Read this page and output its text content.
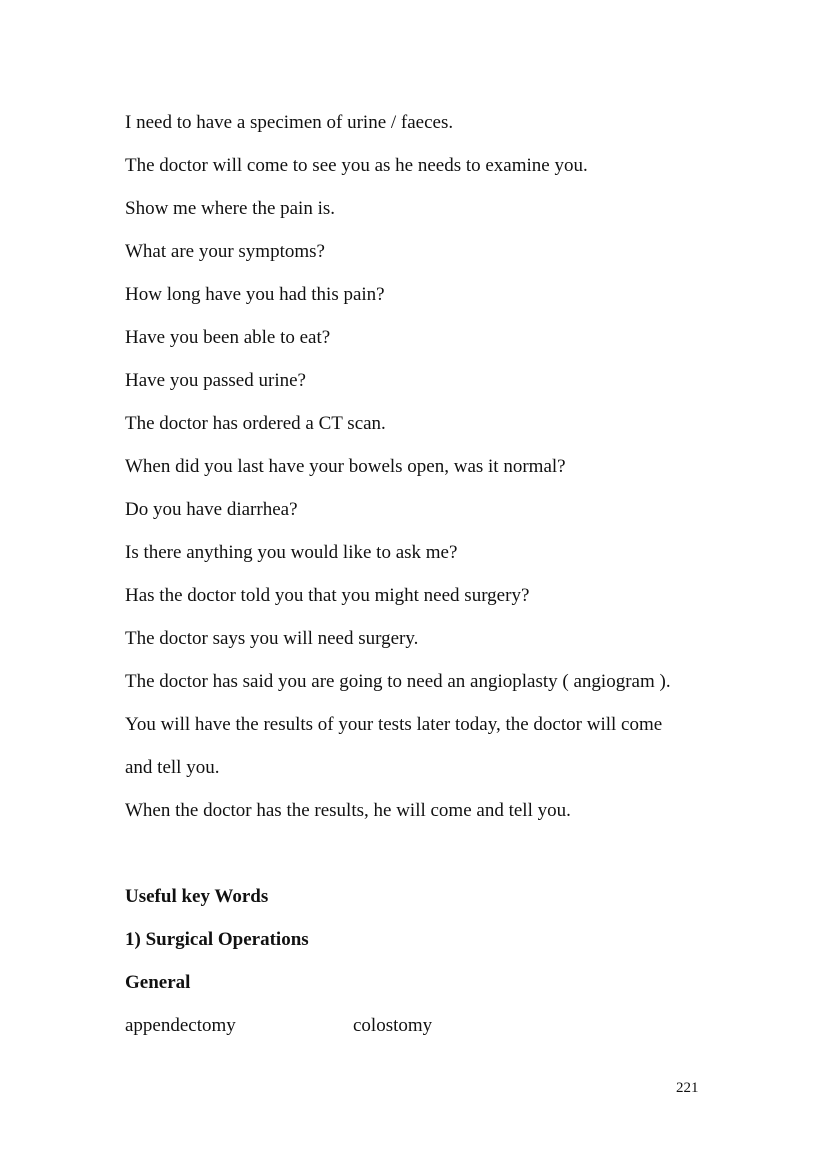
I need to have a specimen of urine / faeces.

The doctor will come to see you as he needs to examine you.

Show me where the pain is.

What are your symptoms?

How long have you had this pain?

Have you been able to eat?

Have you passed urine?

The doctor has ordered a CT scan.

When did you last have your bowels open, was it normal?

Do you have diarrhea?

Is there anything you would like to ask me?

Has the doctor told you that you might need surgery?

The doctor says you will need surgery.

The doctor has said you are going to need an angioplasty ( angiogram ).

You will have the results of your tests later today, the doctor will come

and tell you.

When the doctor has the results, he will come and tell you.

Useful key Words

1) Surgical Operations

General

appendectomy	colostomy

221
